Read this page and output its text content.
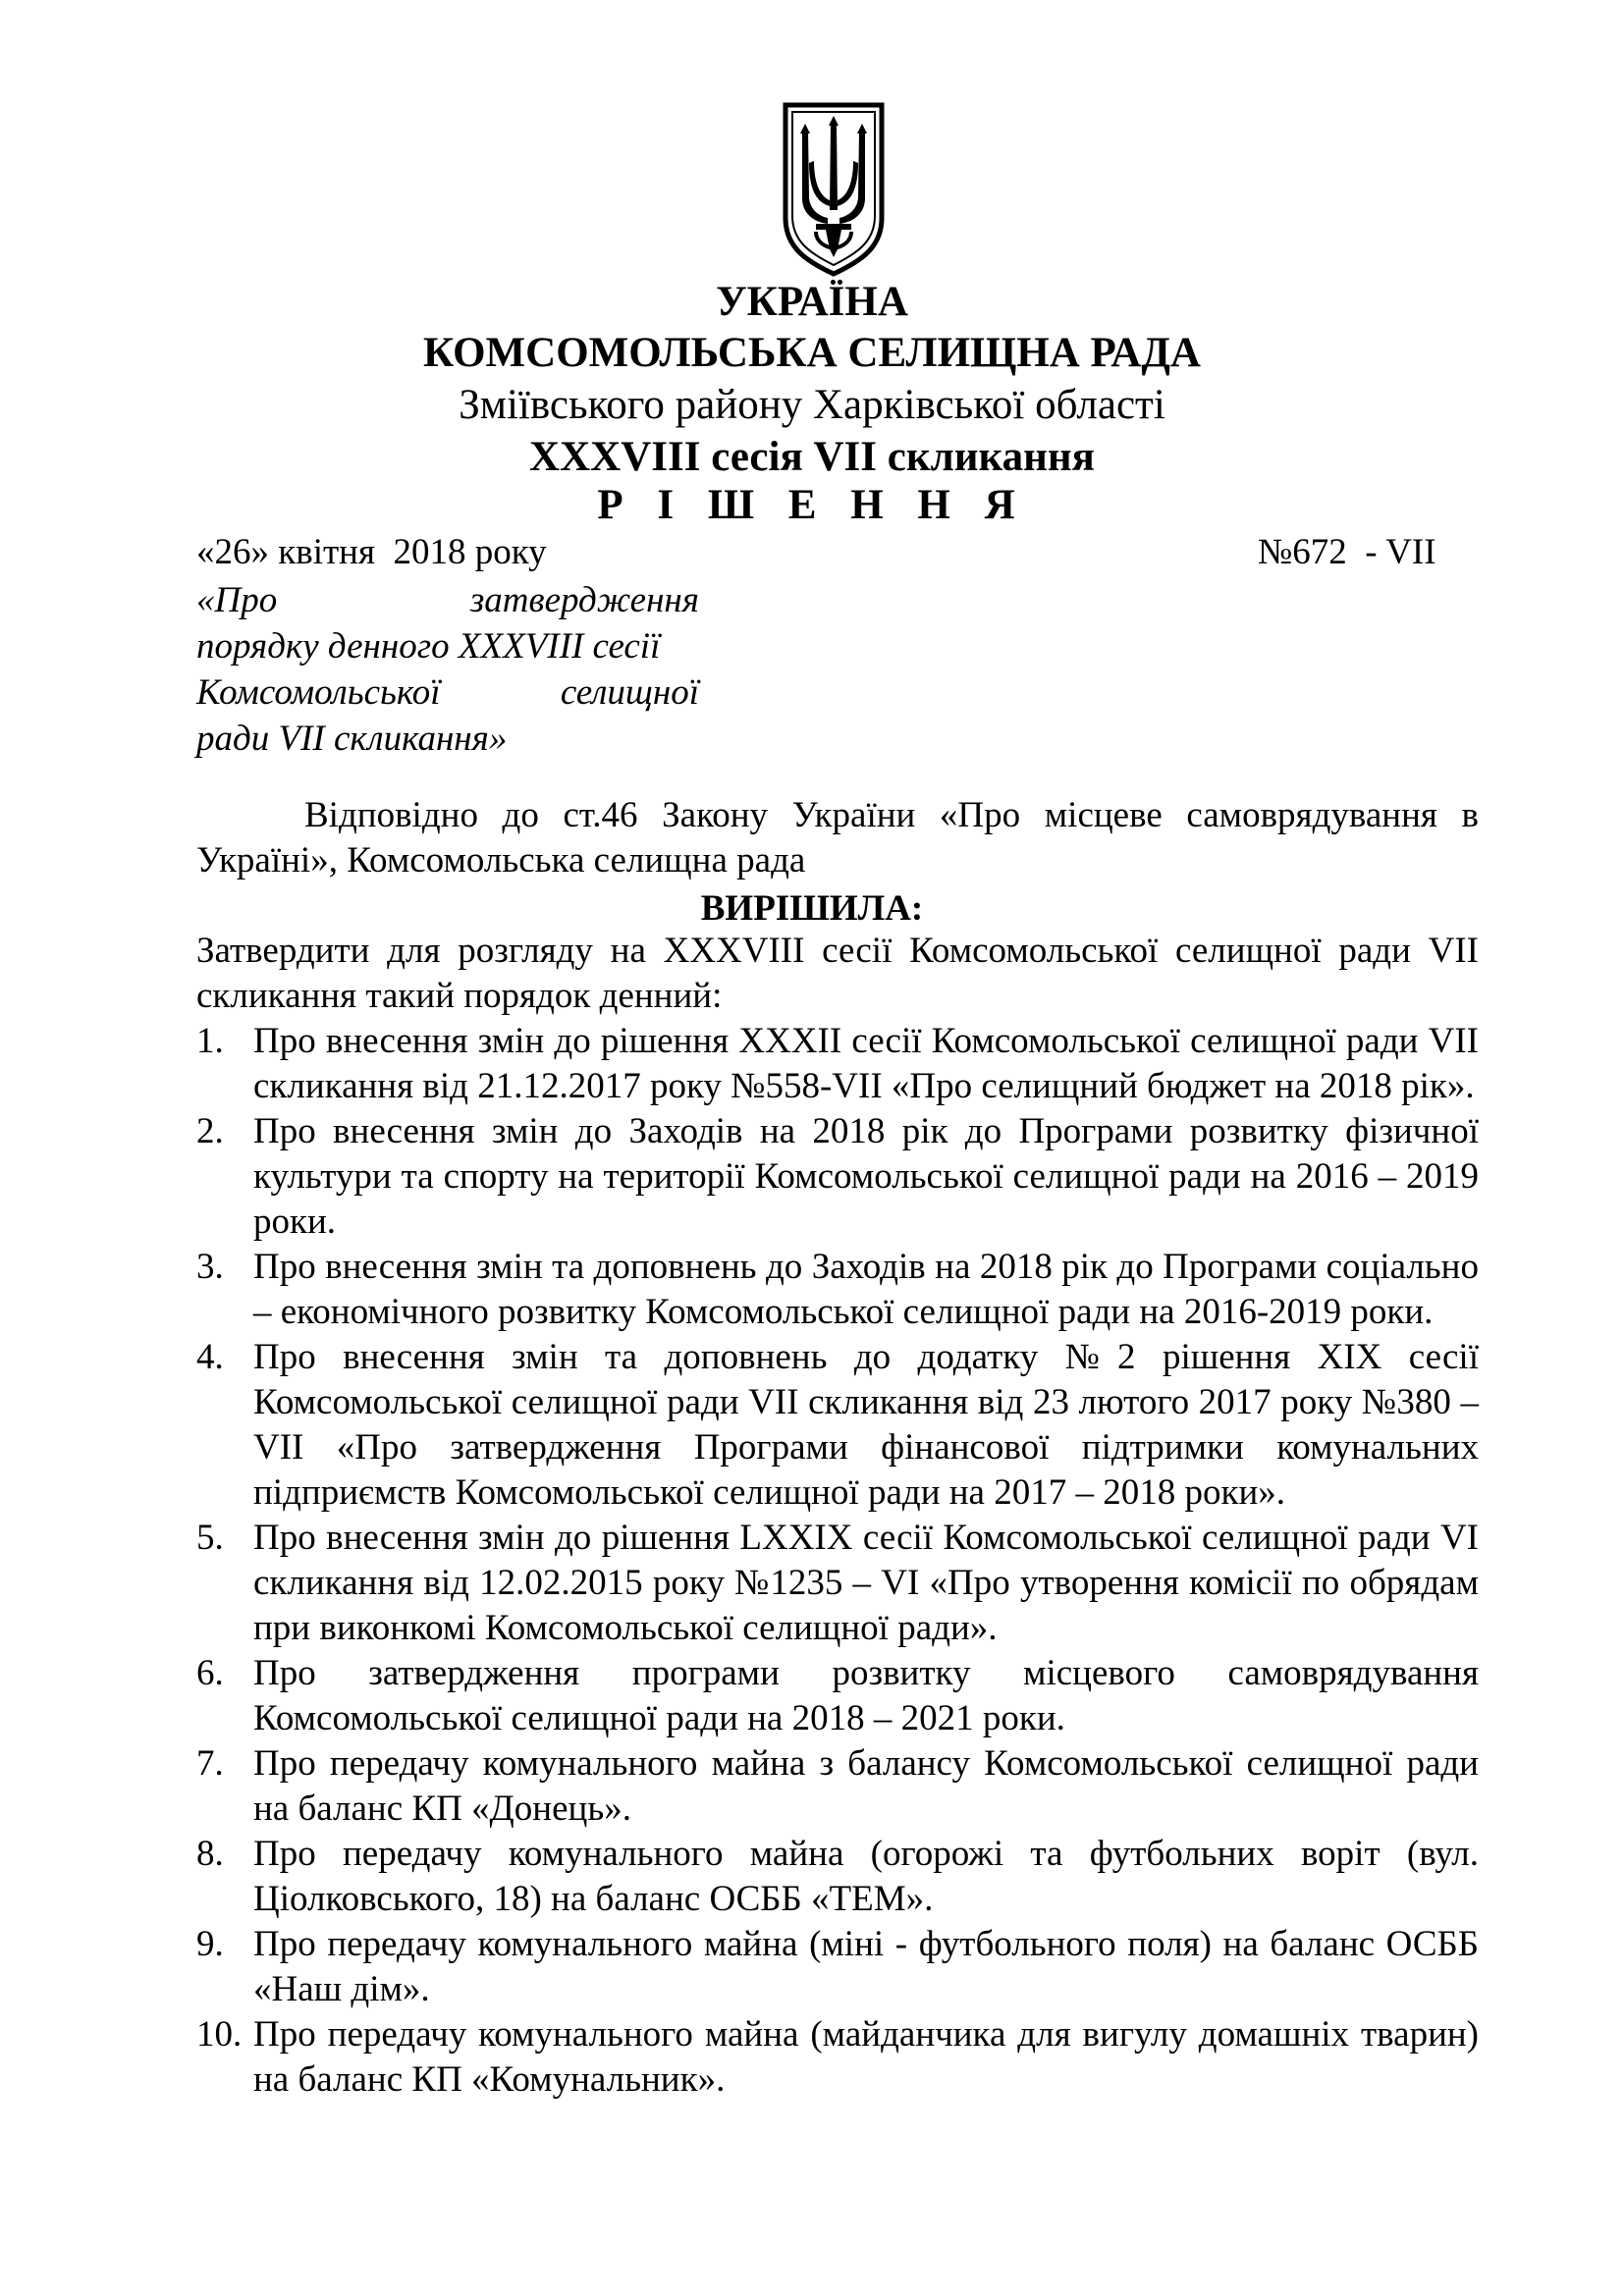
УКРАЇНА
КОМСОМОЛЬСЬКА СЕЛИЩНА РАДА
Зміївського району Харківської області
XXXVIII сесія VII скликання
Р І Ш Е Н Н Я
«26» квітня  2018 року	№672  - VII
«Про затвердження
порядку денного XXXVIII сесії
Комсомольської селищної
ради VII скликання»
Відповідно до ст.46 Закону України «Про місцеве самоврядування в Україні», Комсомольська селищна рада
ВИРІШИЛА:
Затвердити для розгляду на XXXVIII сесії Комсомольської селищної ради VII скликання такий порядок денний:
1. Про внесення змін до рішення XXXII сесії Комсомольської селищної ради VII скликання від 21.12.2017 року №558-VII «Про селищний бюджет на 2018 рік».
2. Про внесення змін до Заходів на 2018 рік до Програми розвитку фізичної культури та спорту на території Комсомольської селищної ради на 2016 – 2019 роки.
3. Про внесення змін та доповнень до Заходів на 2018 рік до Програми соціально – економічного розвитку Комсомольської селищної ради на 2016-2019 роки.
4. Про внесення змін та доповнень до додатку №2 рішення XIX сесії Комсомольської селищної ради VII скликання від 23 лютого 2017 року №380 – VII «Про затвердження Програми фінансової підтримки комунальних підприємств Комсомольської селищної ради на 2017 – 2018 роки».
5. Про внесення змін до рішення LXXIX сесії Комсомольської селищної ради VI скликання від 12.02.2015 року №1235 – VI «Про утворення комісії по обрядам при виконкомі Комсомольської селищної ради».
6. Про затвердження програми розвитку місцевого самоврядування Комсомольської селищної ради на 2018 – 2021 роки.
7. Про передачу комунального майна з балансу Комсомольської селищної ради на баланс КП «Донець».
8. Про передачу комунального майна (огорожі та футбольних воріт (вул. Ціолковського, 18) на баланс ОСББ «ТЕМ».
9. Про передачу комунального майна (міні - футбольного поля) на баланс ОСББ «Наш дім».
10. Про передачу комунального майна (майданчика для вигулу домашніх тварин) на баланс КП «Комунальник».
